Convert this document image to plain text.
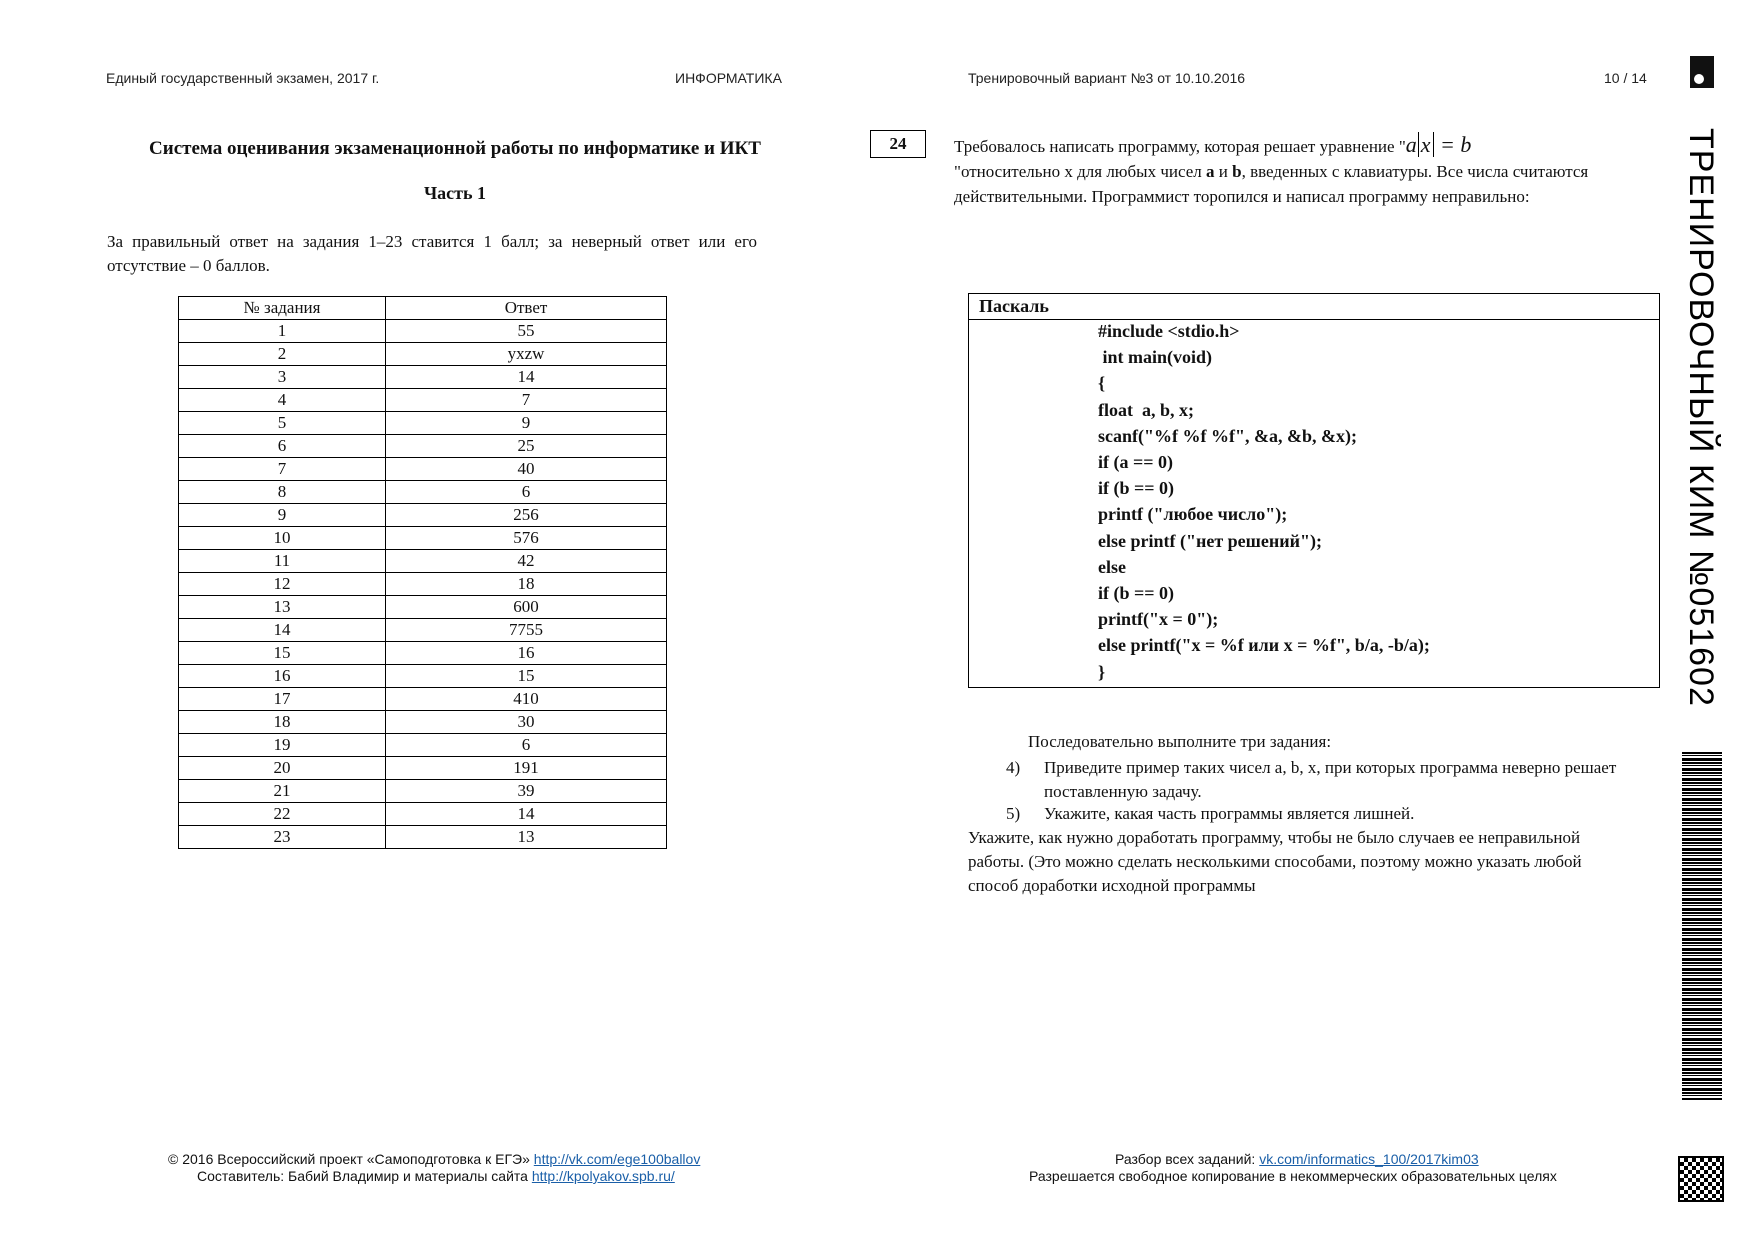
Единый государственный экзамен, 2017 г.	ИНФОРМАТИКА	Тренировочный вариант №3 от 10.10.2016	10 / 14
Система оценивания экзаменационной работы по информатике и ИКТ
Часть 1
За правильный ответ на задания 1–23 ставится 1 балл; за неверный ответ или его отсутствие – 0 баллов.
№ задания	Ответ
1	55
2	yxzw
3	14
4	7
5	9
6	25
7	40
8	6
9	256
10	576
11	42
12	18
13	600
14	7755
15	16
16	15
17	410
18	30
19	6
20	191
21	39
22	14
23	13
24	Требовалось написать программу, которая решает уравнение "a x = b
"относительно x для любых чисел a и b, введенных с клавиатуры. Все числа считаются действительными. Программист торопился и написал программу неправильно:
Паскаль
#include <stdio.h>
int main(void)
{
float  a, b, x;
scanf("%f %f %f", &a, &b, &x);
if (a == 0)
if (b == 0)
printf ("любое число");
else printf ("нет решений");
else
if (b == 0)
printf("x = 0");
else printf("x = %f или x = %f", b/a, -b/a);
}
Последовательно выполните три задания:
4) Приведите пример таких чисел a, b, x, при которых программа неверно решает поставленную задачу.
5) Укажите, какая часть программы является лишней.
Укажите, как нужно доработать программу, чтобы не было случаев ее неправильной работы. (Это можно сделать несколькими способами, поэтому можно указать любой способ доработки исходной программы
ТРЕНИРОВОЧНЫЙ КИМ №051602
© 2016 Всероссийский проект «Самоподготовка к ЕГЭ» http://vk.com/ege100ballov
Составитель: Бабий Владимир и материалы сайта http://kpolyakov.spb.ru/
Разбор всех заданий: vk.com/informatics_100/2017kim03
Разрешается свободное копирование в некоммерческих образовательных целях
